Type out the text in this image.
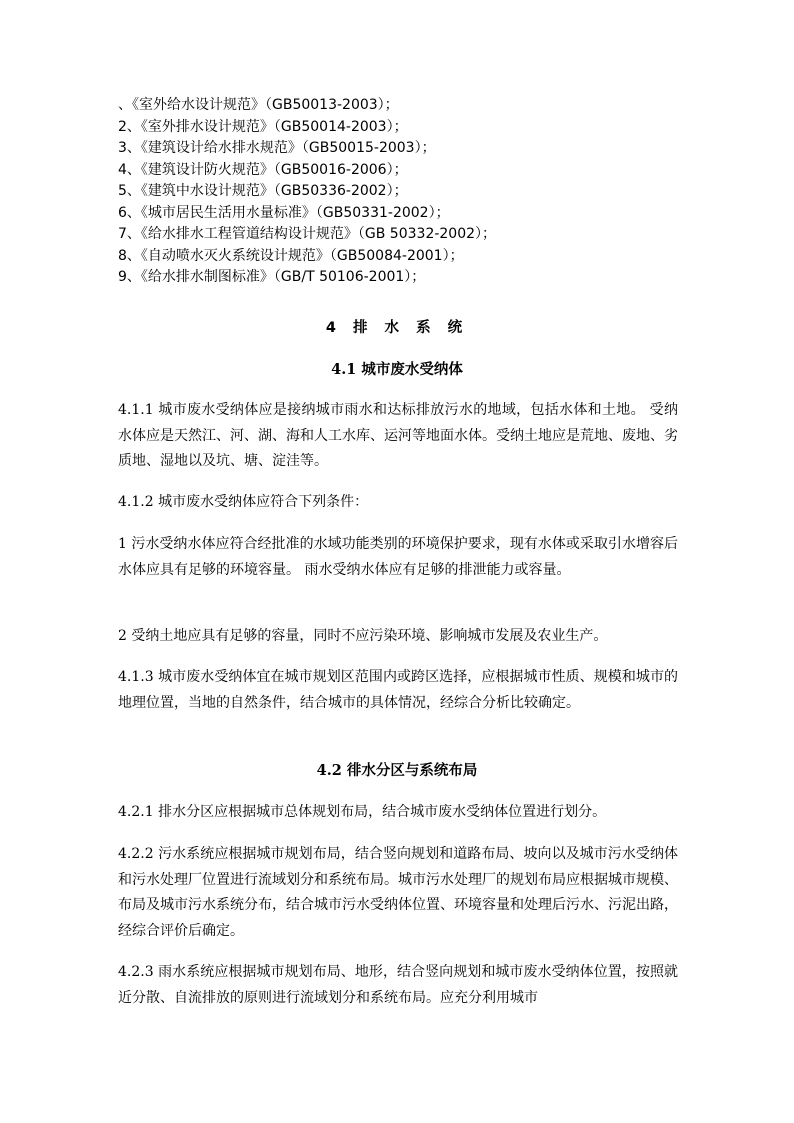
、《室外给水设计规范》（GB50013-2003）；
2、《室外排水设计规范》（GB50014-2003）；
3、《建筑设计给水排水规范》（GB50015-2003）；
4、《建筑设计防火规范》（GB50016-2006）；
5、《建筑中水设计规范》（GB50336-2002）；
6、《城市居民生活用水量标准》（GB50331-2002）；
7、《给水排水工程管道结构设计规范》（GB 50332-2002）；
8、《自动喷水灭火系统设计规范》（GB50084-2001）；
9、《给水排水制图标准》（GB/T 50106-2001）；
4 排 水 系 统
4.1 城市废水受纳体

4.1.1 城市废水受纳体应是接纳城市雨水和达标排放污水的地域，包括水体和土地。 受纳水体应是天然江、河、湖、海和人工水库、运河等地面水体。受纳土地应是荒地、废地、劣质地、湿地以及坑、塘、淀洼等。

4.1.2 城市废水受纳体应符合下列条件：

1 污水受纳水体应符合经批准的水域功能类别的环境保护要求，现有水体或采取引水增容后水体应具有足够的环境容量。 雨水受纳水体应有足够的排泄能力或容量。

2 受纳土地应具有足够的容量，同时不应污染环境、影响城市发展及农业生产。

4.1.3 城市废水受纳体宜在城市规划区范围内或跨区选择，应根据城市性质、规模和城市的地理位置，当地的自然条件，结合城市的具体情况，经综合分析比较确定。

4.2 徘水分区与系统布局

4.2.1 排水分区应根据城市总体规划布局，结合城市废水受纳体位置进行划分。

4.2.2 污水系统应根据城市规划布局，结合竖向规划和道路布局、坡向以及城市污水受纳体和污水处理厂位置进行流域划分和系统布局。城市污水处理厂的规划布局应根据城市规模、布局及城市污水系统分布，结合城市污水受纳体位置、环境容量和处理后污水、污泥出路，经综合评价后确定。

4.2.3 雨水系统应根据城市规划布局、地形，结合竖向规划和城市废水受纳体位置，按照就近分散、自流排放的原则进行流域划分和系统布局。应充分利用城市
